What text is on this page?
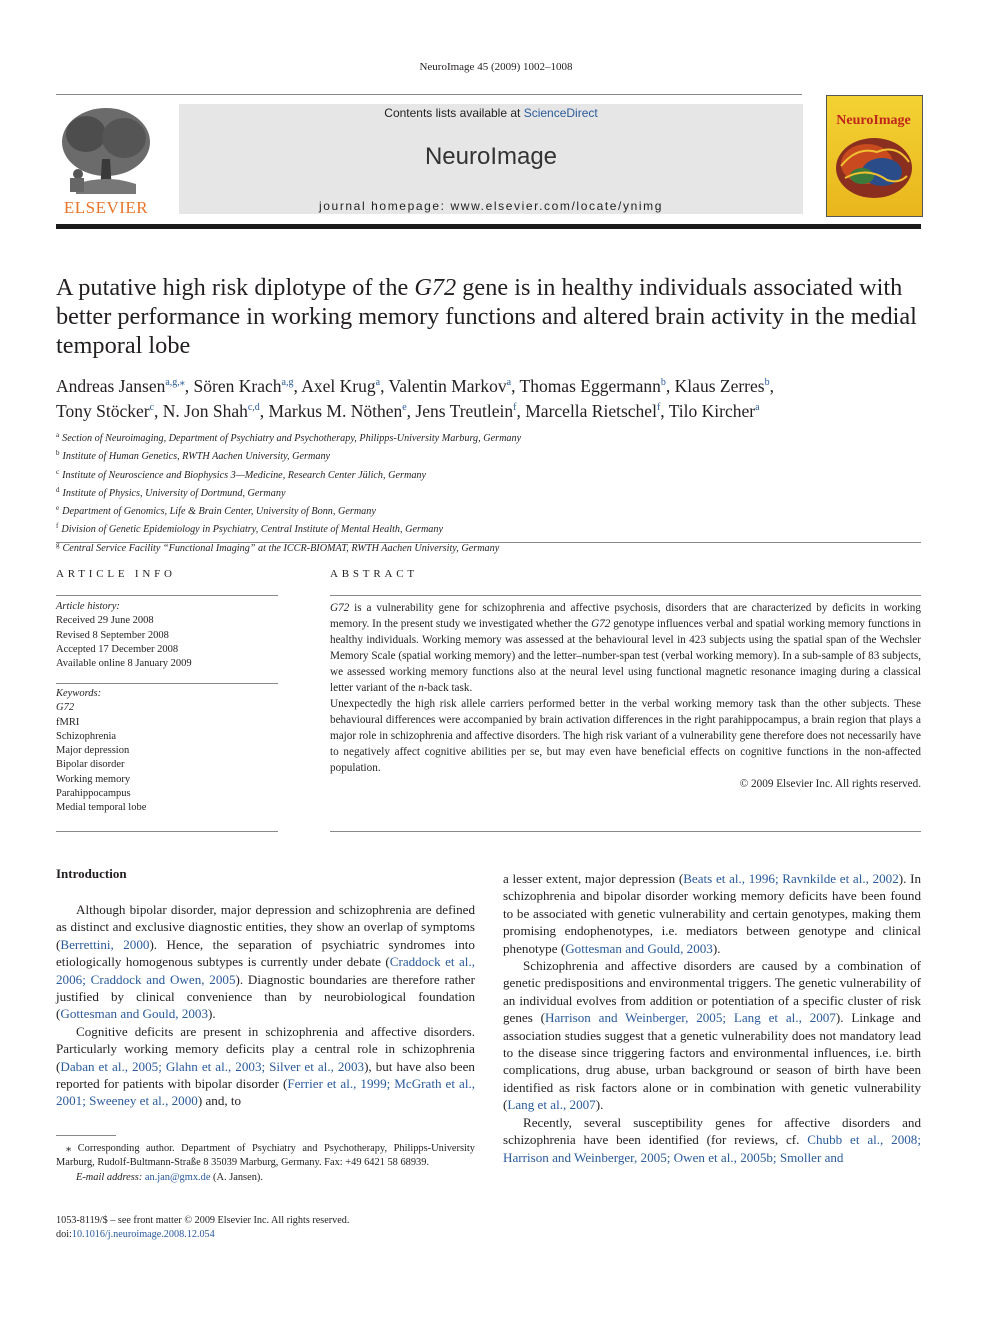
NeuroImage 45 (2009) 1002–1008
ELSEVIER
Contents lists available at ScienceDirect
NeuroImage
journal homepage: www.elsevier.com/locate/ynimg
NeuroImage
A putative high risk diplotype of the G72 gene is in healthy individuals associated with better performance in working memory functions and altered brain activity in the medial temporal lobe
Andreas Jansen$^{a,g,⁎}$, Sören Krach$^{a,g}$, Axel Krug$^a$, Valentin Markov$^a$, Thomas Eggermann$^b$, Klaus Zerres$^b$,
Tony Stöcker$^c$, N. Jon Shah$^{c,d}$, Markus M. Nöthen$^e$, Jens Treutlein$^f$, Marcella Rietschel$^f$, Tilo Kircher$^a$
$^a$ Section of Neuroimaging, Department of Psychiatry and Psychotherapy, Philipps-University Marburg, Germany
$^b$ Institute of Human Genetics, RWTH Aachen University, Germany
$^c$ Institute of Neuroscience and Biophysics 3—Medicine, Research Center Jülich, Germany
$^d$ Institute of Physics, University of Dortmund, Germany
$^e$ Department of Genomics, Life & Brain Center, University of Bonn, Germany
$^f$ Division of Genetic Epidemiology in Psychiatry, Central Institute of Mental Health, Germany
$^g$ Central Service Facility “Functional Imaging” at the ICCR-BIOMAT, RWTH Aachen University, Germany
ARTICLE INFO
Article history:
Received 29 June 2008
Revised 8 September 2008
Accepted 17 December 2008
Available online 8 January 2009
Keywords:
G72
fMRI
Schizophrenia
Major depression
Bipolar disorder
Working memory
Parahippocampus
Medial temporal lobe
ABSTRACT

G72 is a vulnerability gene for schizophrenia and affective psychosis, disorders that are characterized by deficits in working memory. In the present study we investigated whether the G72 genotype influences verbal and spatial working memory functions in healthy individuals. Working memory was assessed at the behavioural level in 423 subjects using the spatial span of the Wechsler Memory Scale (spatial working memory) and the letter–number-span test (verbal working memory). In a sub-sample of 83 subjects, we assessed working memory functions also at the neural level using functional magnetic resonance imaging during a classical letter variant of the n-back task.

Unexpectedly the high risk allele carriers performed better in the verbal working memory task than the other subjects. These behavioural differences were accompanied by brain activation differences in the right parahippocampus, a brain region that plays a major role in schizophrenia and affective disorders. The high risk variant of a vulnerability gene therefore does not necessarily have to negatively affect cognitive abilities per se, but may even have beneficial effects on cognitive functions in the non-affected population.

© 2009 Elsevier Inc. All rights reserved.

Introduction

Although bipolar disorder, major depression and schizophrenia are defined as distinct and exclusive diagnostic entities, they show an overlap of symptoms (Berrettini, 2000). Hence, the separation of psychiatric syndromes into etiologically homogenous subtypes is currently under debate (Craddock et al., 2006; Craddock and Owen, 2005). Diagnostic boundaries are therefore rather justified by clinical convenience than by neurobiological foundation (Gottesman and Gould, 2003).

Cognitive deficits are present in schizophrenia and affective disorders. Particularly working memory deficits play a central role in schizophrenia (Daban et al., 2005; Glahn et al., 2003; Silver et al., 2003), but have also been reported for patients with bipolar disorder (Ferrier et al., 1999; McGrath et al., 2001; Sweeney et al., 2000) and, to

⁎ Corresponding author. Department of Psychiatry and Psychotherapy, Philipps-University Marburg, Rudolf-Bultmann-Straße 8 35039 Marburg, Germany. Fax: +49 6421 58 68939.
E-mail address: an.jan@gmx.de (A. Jansen).
1053-8119/$ – see front matter © 2009 Elsevier Inc. All rights reserved.
doi:10.1016/j.neuroimage.2008.12.054

a lesser extent, major depression (Beats et al., 1996; Ravnkilde et al., 2002). In schizophrenia and bipolar disorder working memory deficits have been found to be associated with genetic vulnerability and certain genotypes, making them promising endophenotypes, i.e. mediators between genotype and clinical phenotype (Gottesman and Gould, 2003).

Schizophrenia and affective disorders are caused by a combination of genetic predispositions and environmental triggers. The genetic vulnerability of an individual evolves from addition or potentiation of a specific cluster of risk genes (Harrison and Weinberger, 2005; Lang et al., 2007). Linkage and association studies suggest that a genetic vulnerability does not mandatory lead to the disease since triggering factors and environmental influences, i.e. birth complications, drug abuse, urban background or season of birth have been identified as risk factors alone or in combination with genetic vulnerability (Lang et al., 2007).

Recently, several susceptibility genes for affective disorders and schizophrenia have been identified (for reviews, cf. Chubb et al., 2008; Harrison and Weinberger, 2005; Owen et al., 2005b; Smoller and
